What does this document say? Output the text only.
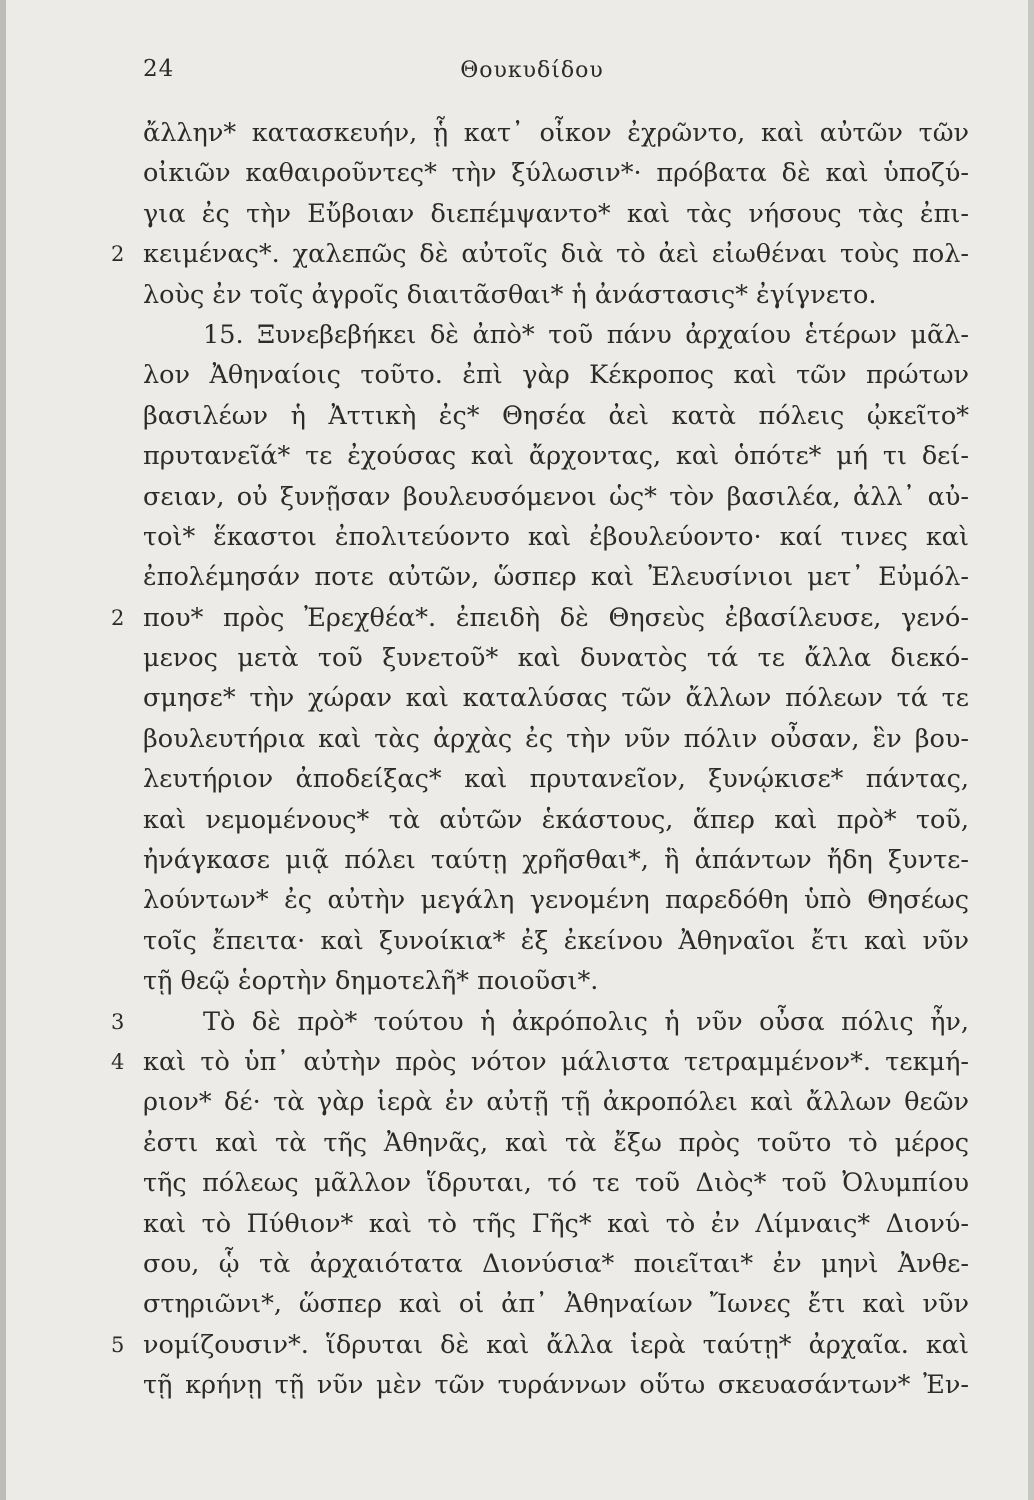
24	Θουκυδίδου
ἄλλην* κατασκευήν, ᾗ κατ᾽ οἶκον ἐχρῶντο, καὶ αὐτῶν τῶν
οἰκιῶν καθαιροῦντες* τὴν ξύλωσιν*· πρόβατα δὲ καὶ ὑποζύ-
για ἐς τὴν Εὔβοιαν διεπέμψαντο* καὶ τὰς νήσους τὰς ἐπι-
2 κειμένας*. χαλεπῶς δὲ αὐτοῖς διὰ τὸ ἀεὶ εἰωθέναι τοὺς πολ-
λοὺς ἐν τοῖς ἀγροῖς διαιτᾶσθαι* ἡ ἀνάστασις* ἐγίγνετο.
15. Ξυνεβεβήκει δὲ ἀπὸ* τοῦ πάνυ ἀρχαίου ἑτέρων μᾶλ-
λον Ἀθηναίοις τοῦτο. ἐπὶ γὰρ Κέκροπος καὶ τῶν πρώτων
βασιλέων ἡ Ἀττικὴ ἐς* Θησέα ἀεὶ κατὰ πόλεις ᾠκεῖτο*
πρυτανεῖά* τε ἐχούσας καὶ ἄρχοντας, καὶ ὁπότε* μή τι δεί-
σειαν, οὐ ξυνῇσαν βουλευσόμενοι ὡς* τὸν βασιλέα, ἀλλ᾽ αὐ-
τοὶ* ἕκαστοι ἐπολιτεύοντο καὶ ἐβουλεύοντο· καί τινες καὶ
ἐπολέμησάν ποτε αὐτῶν, ὥσπερ καὶ Ἐλευσίνιοι μετ᾽ Εὐμόλ-
2 που* πρὸς Ἐρεχθέα*. ἐπειδὴ δὲ Θησεὺς ἐβασίλευσε, γενό-
μενος μετὰ τοῦ ξυνετοῦ* καὶ δυνατὸς τά τε ἄλλα διεκό-
σμησε* τὴν χώραν καὶ καταλύσας τῶν ἄλλων πόλεων τά τε
βουλευτήρια καὶ τὰς ἀρχὰς ἐς τὴν νῦν πόλιν οὖσαν, ἓν βου-
λευτήριον ἀποδείξας* καὶ πρυτανεῖον, ξυνῴκισε* πάντας,
καὶ νεμομένους* τὰ αὑτῶν ἑκάστους, ἅπερ καὶ πρὸ* τοῦ,
ἠνάγκασε μιᾷ πόλει ταύτῃ χρῆσθαι*, ἣ ἁπάντων ἤδη ξυντε-
λούντων* ἐς αὐτὴν μεγάλη γενομένη παρεδόθη ὑπὸ Θησέως
τοῖς ἔπειτα· καὶ ξυνοίκια* ἐξ ἐκείνου Ἀθηναῖοι ἔτι καὶ νῦν
τῇ θεῷ ἑορτὴν δημοτελῆ* ποιοῦσι*.
3	Τὸ δὲ πρὸ* τούτου ἡ ἀκρόπολις ἡ νῦν οὖσα πόλις ἦν,
4 καὶ τὸ ὑπ᾽ αὐτὴν πρὸς νότον μάλιστα τετραμμένον*. τεκμή-
ριον* δέ· τὰ γὰρ ἱερὰ ἐν αὐτῇ τῇ ἀκροπόλει καὶ ἄλλων θεῶν
ἐστι καὶ τὰ τῆς Ἀθηνᾶς, καὶ τὰ ἔξω πρὸς τοῦτο τὸ μέρος
τῆς πόλεως μᾶλλον ἵδρυται, τό τε τοῦ Διὸς* τοῦ Ὀλυμπίου
καὶ τὸ Πύθιον* καὶ τὸ τῆς Γῆς* καὶ τὸ ἐν Λίμναις* Διονύ-
σου, ᾧ τὰ ἀρχαιότατα Διονύσια* ποιεῖται* ἐν μηνὶ Ἀνθε-
στηριῶνι*, ὥσπερ καὶ οἱ ἀπ᾽ Ἀθηναίων Ἴωνες ἔτι καὶ νῦν
5 νομίζουσιν*. ἵδρυται δὲ καὶ ἄλλα ἱερὰ ταύτῃ* ἀρχαῖα. καὶ
τῇ κρήνῃ τῇ νῦν μὲν τῶν τυράννων οὕτω σκευασάντων* Ἐν-
